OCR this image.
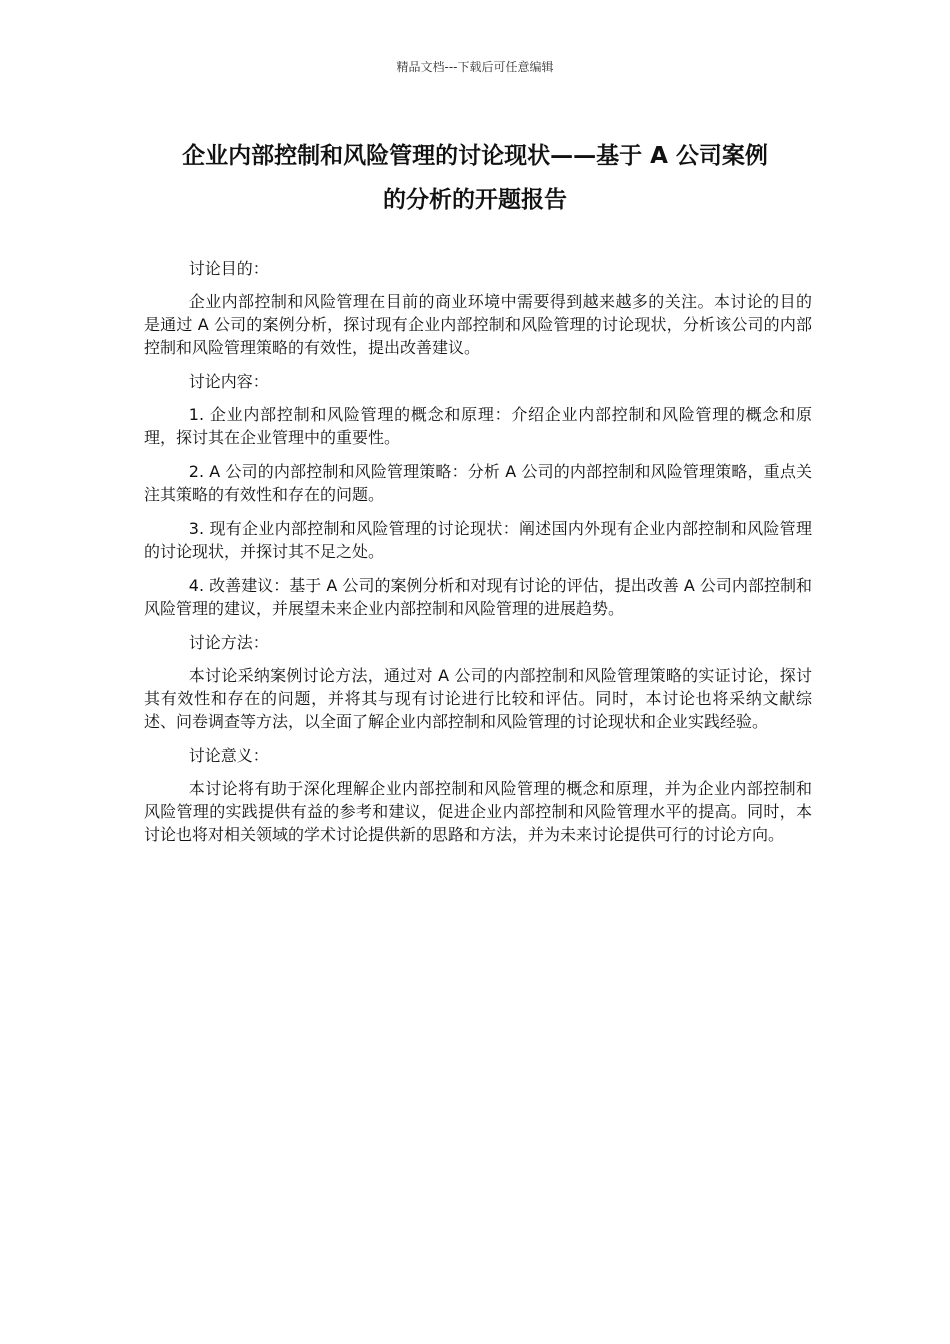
精品文档---下载后可任意编辑
企业内部控制和风险管理的讨论现状——基于 A 公司案例
的分析的开题报告

讨论目的：

企业内部控制和风险管理在目前的商业环境中需要得到越来越多的关注。本讨论的目的是通过 A 公司的案例分析，探讨现有企业内部控制和风险管理的讨论现状，分析该公司的内部控制和风险管理策略的有效性，提出改善建议。

讨论内容：

1. 企业内部控制和风险管理的概念和原理：介绍企业内部控制和风险管理的概念和原理，探讨其在企业管理中的重要性。

2. A 公司的内部控制和风险管理策略：分析 A 公司的内部控制和风险管理策略，重点关注其策略的有效性和存在的问题。

3. 现有企业内部控制和风险管理的讨论现状：阐述国内外现有企业内部控制和风险管理的讨论现状，并探讨其不足之处。

4. 改善建议：基于 A 公司的案例分析和对现有讨论的评估，提出改善 A 公司内部控制和风险管理的建议，并展望未来企业内部控制和风险管理的进展趋势。

讨论方法：

本讨论采纳案例讨论方法，通过对 A 公司的内部控制和风险管理策略的实证讨论，探讨其有效性和存在的问题，并将其与现有讨论进行比较和评估。同时，本讨论也将采纳文献综述、问卷调查等方法，以全面了解企业内部控制和风险管理的讨论现状和企业实践经验。

讨论意义：

本讨论将有助于深化理解企业内部控制和风险管理的概念和原理，并为企业内部控制和风险管理的实践提供有益的参考和建议，促进企业内部控制和风险管理水平的提高。同时，本讨论也将对相关领域的学术讨论提供新的思路和方法，并为未来讨论提供可行的讨论方向。
